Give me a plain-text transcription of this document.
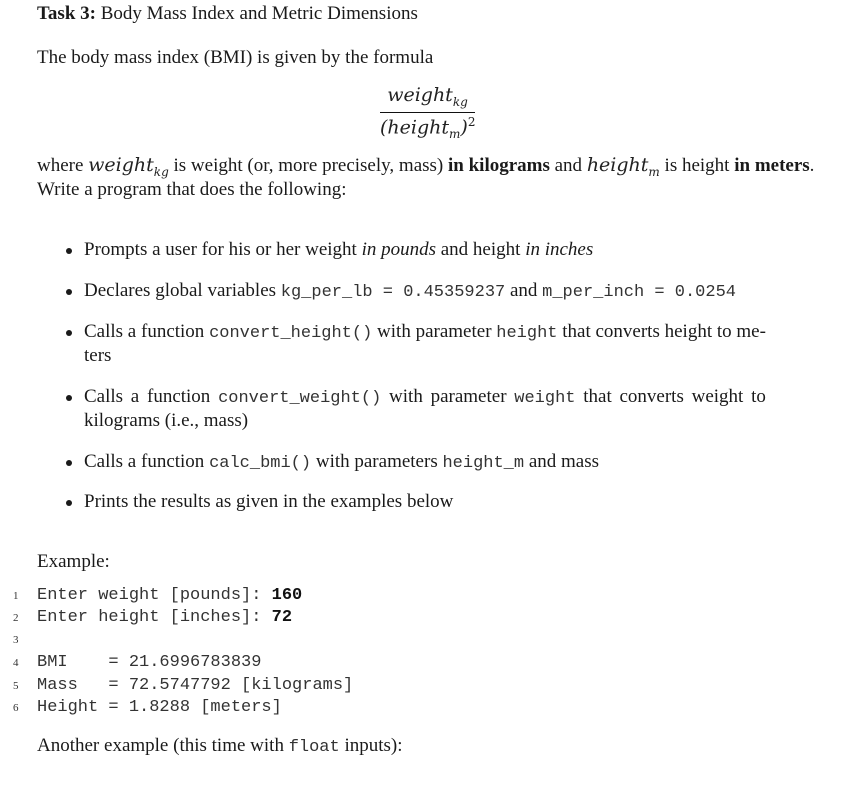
Task 3: Body Mass Index and Metric Dimensions
The body mass index (BMI) is given by the formula
weight$_{kg}$
(height$_m$)$^2$
where weight$_{kg}$ is weight (or, more precisely, mass) in kilograms and height$_m$ is height in meters.
Write a program that does the following:
Prompts a user for his or her weight in pounds and height in inches
Declares global variables kg_per_lb = 0.45359237 and m_per_inch = 0.0254
Calls a function convert_height() with parameter height that converts height to me-
ters
Calls a function convert_weight() with parameter weight that converts weight to
kilograms (i.e., mass)
Calls a function calc_bmi() with parameters height_m and mass
Prints the results as given in the examples below
Example:
1 Enter weight [pounds]: 160
2 Enter height [inches]: 72
3
4 BMI    = 21.6996783839
5 Mass   = 72.5747792 [kilograms]
6 Height = 1.8288 [meters]
Another example (this time with float inputs):
